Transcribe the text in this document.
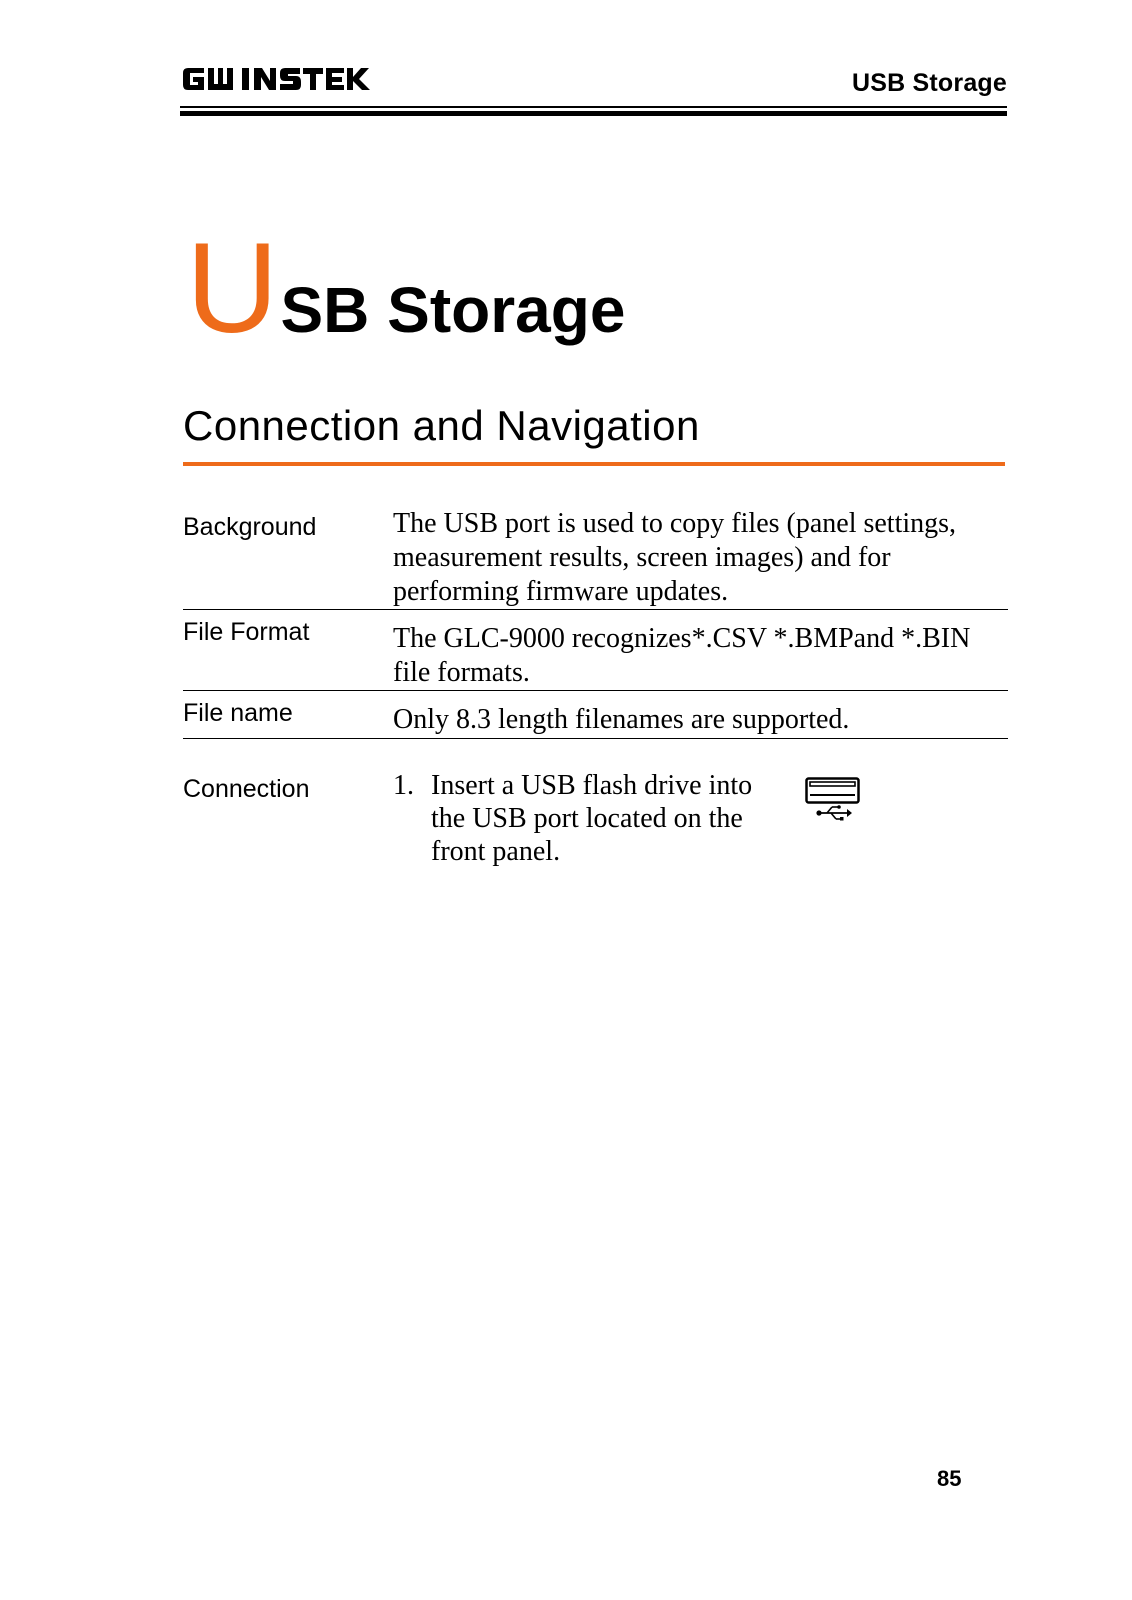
USB Storage
USB Storage
Connection and Navigation
Background	The USB port is used to copy files (panel settings, measurement results, screen images) and for performing firmware updates.
File Format	The GLC-9000 recognizes*.CSV *.BMPand *.BIN file formats.
File name	Only 8.3 length filenames are supported.
Connection	1. Insert a USB flash drive into the USB port located on the front panel.
85
